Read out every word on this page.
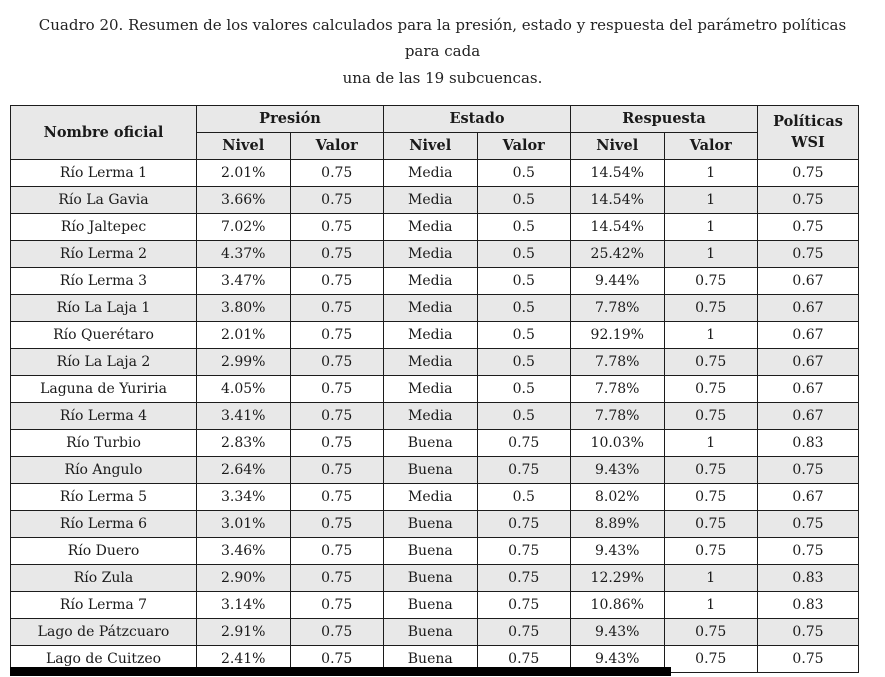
Cuadro 20. Resumen de los valores calculados para la presión, estado y respuesta del parámetro políticas para cada
una de las 19 subcuencas.
Nombre oficial	Presión		Estado		Respuesta		Políticas
WSI
	Nivel	Valor	Nivel	Valor	Nivel	Valor	
Río Lerma 1	2.01%	0.75	Media	0.5	14.54%	1	0.75
Río La Gavia	3.66%	0.75	Media	0.5	14.54%	1	0.75
Río Jaltepec	7.02%	0.75	Media	0.5	14.54%	1	0.75
Río Lerma 2	4.37%	0.75	Media	0.5	25.42%	1	0.75
Río Lerma 3	3.47%	0.75	Media	0.5	9.44%	0.75	0.67
Río La Laja 1	3.80%	0.75	Media	0.5	7.78%	0.75	0.67
Río Querétaro	2.01%	0.75	Media	0.5	92.19%	1	0.67
Río La Laja 2	2.99%	0.75	Media	0.5	7.78%	0.75	0.67
Laguna de Yuriria	4.05%	0.75	Media	0.5	7.78%	0.75	0.67
Río Lerma 4	3.41%	0.75	Media	0.5	7.78%	0.75	0.67
Río Turbio	2.83%	0.75	Buena	0.75	10.03%	1	0.83
Río Angulo	2.64%	0.75	Buena	0.75	9.43%	0.75	0.75
Río Lerma 5	3.34%	0.75	Media	0.5	8.02%	0.75	0.67
Río Lerma 6	3.01%	0.75	Buena	0.75	8.89%	0.75	0.75
Río Duero	3.46%	0.75	Buena	0.75	9.43%	0.75	0.75
Río Zula	2.90%	0.75	Buena	0.75	12.29%	1	0.83
Río Lerma 7	3.14%	0.75	Buena	0.75	10.86%	1	0.83
Lago de Pátzcuaro	2.91%	0.75	Buena	0.75	9.43%	0.75	0.75
Lago de Cuitzeo	2.41%	0.75	Buena	0.75	9.43%	0.75	0.75
